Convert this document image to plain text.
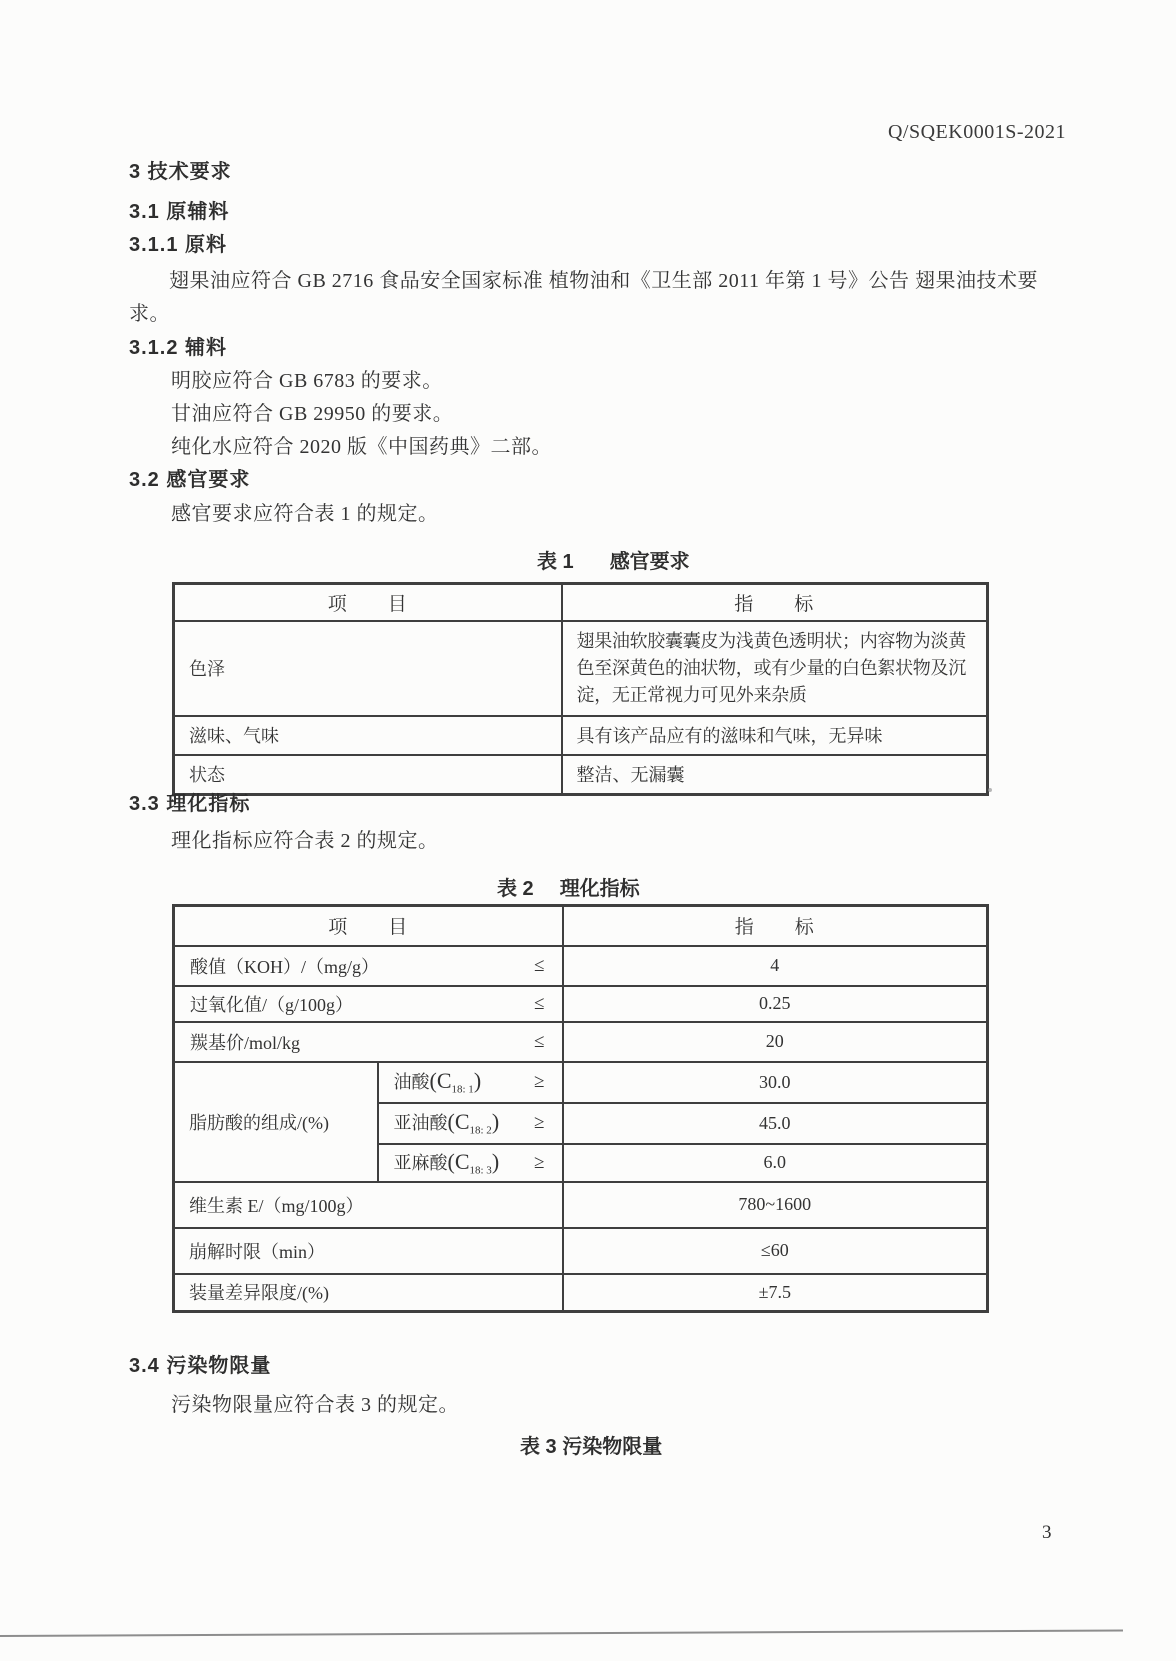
Q/SQEK0001S-2021
3 技术要求
3.1 原辅料
3.1.1 原料
翅果油应符合 GB 2716 食品安全国家标准 植物油和《卫生部 2011 年第 1 号》公告 翅果油技术要求。
3.1.2 辅料
明胶应符合 GB 6783 的要求。
甘油应符合 GB 29950 的要求。
纯化水应符合 2020 版《中国药典》二部。
3.2 感官要求
感官要求应符合表 1 的规定。
表 1 感官要求
项　　目	指　　标
色泽	翅果油软胶囊囊皮为浅黄色透明状；内容物为淡黄色至深黄色的油状物，或有少量的白色絮状物及沉淀，无正常视力可见外来杂质
滋味、气味	具有该产品应有的滋味和气味，无异味
状态	整洁、无漏囊
3.3 理化指标
理化指标应符合表 2 的规定。
表 2 理化指标
项　　目		指　　标

酸值（KOH）/（mg/g） ≤		4

过氧化值/（g/100g） ≤		0.25

羰基价/mol/kg ≤		20
脂肪酸的组成/(%)	油酸$(C_{18: 1})$ ≥	30.0

	亚油酸$(C_{18: 2})$ ≥	45.0

	亚麻酸$(C_{18: 3})$ ≥	6.0
维生素 E/（mg/100g）		780~1600
崩解时限（min）		≤60
装量差异限度/(%)		±7.5
3.4 污染物限量
污染物限量应符合表 3 的规定。
表 3 污染物限量
3
